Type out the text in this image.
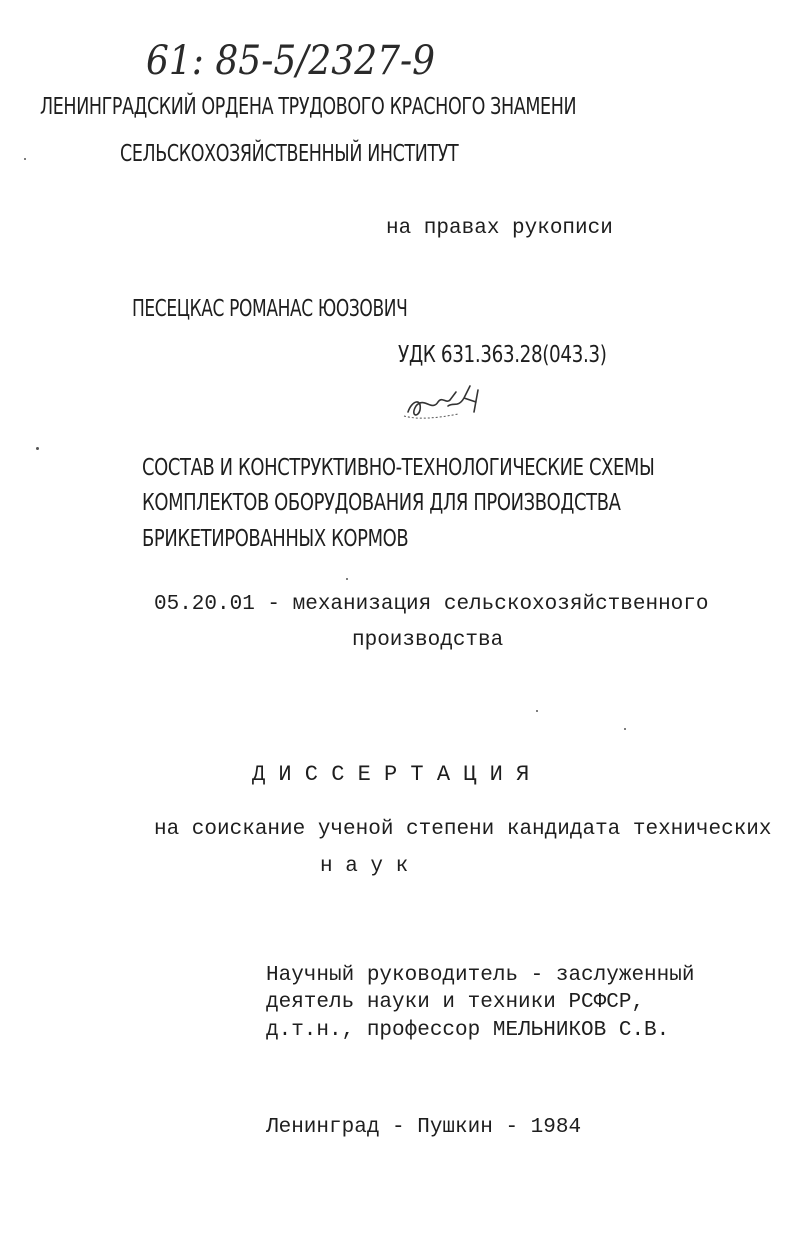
61: 85-5/2327-9
ЛЕНИНГРАДСКИЙ ОРДЕНА ТРУДОВОГО КРАСНОГО ЗНАМЕНИ
СЕЛЬСКОХОЗЯЙСТВЕННЫЙ ИНСТИТУТ
на правах рукописи
ПЕСЕЦКАС РОМАНАС ЮОЗОВИЧ
УДК 631.363.28(043.3)
СОСТАВ И КОНСТРУКТИВНО-ТЕХНОЛОГИЧЕСКИЕ СХЕМЫ
КОМПЛЕКТОВ ОБОРУДОВАНИЯ ДЛЯ ПРОИЗВОДСТВА
БРИКЕТИРОВАННЫХ КОРМОВ
05.20.01 - механизация сельскохозяйственного
производства
Д И С С Е Р Т А Ц И Я
на соискание ученой степени кандидата технических
н а у к
Научный руководитель - заслуженный
деятель науки и техники РСФСР,
д.т.н., профессор МЕЛЬНИКОВ С.В.
Ленинград - Пушкин - 1984
